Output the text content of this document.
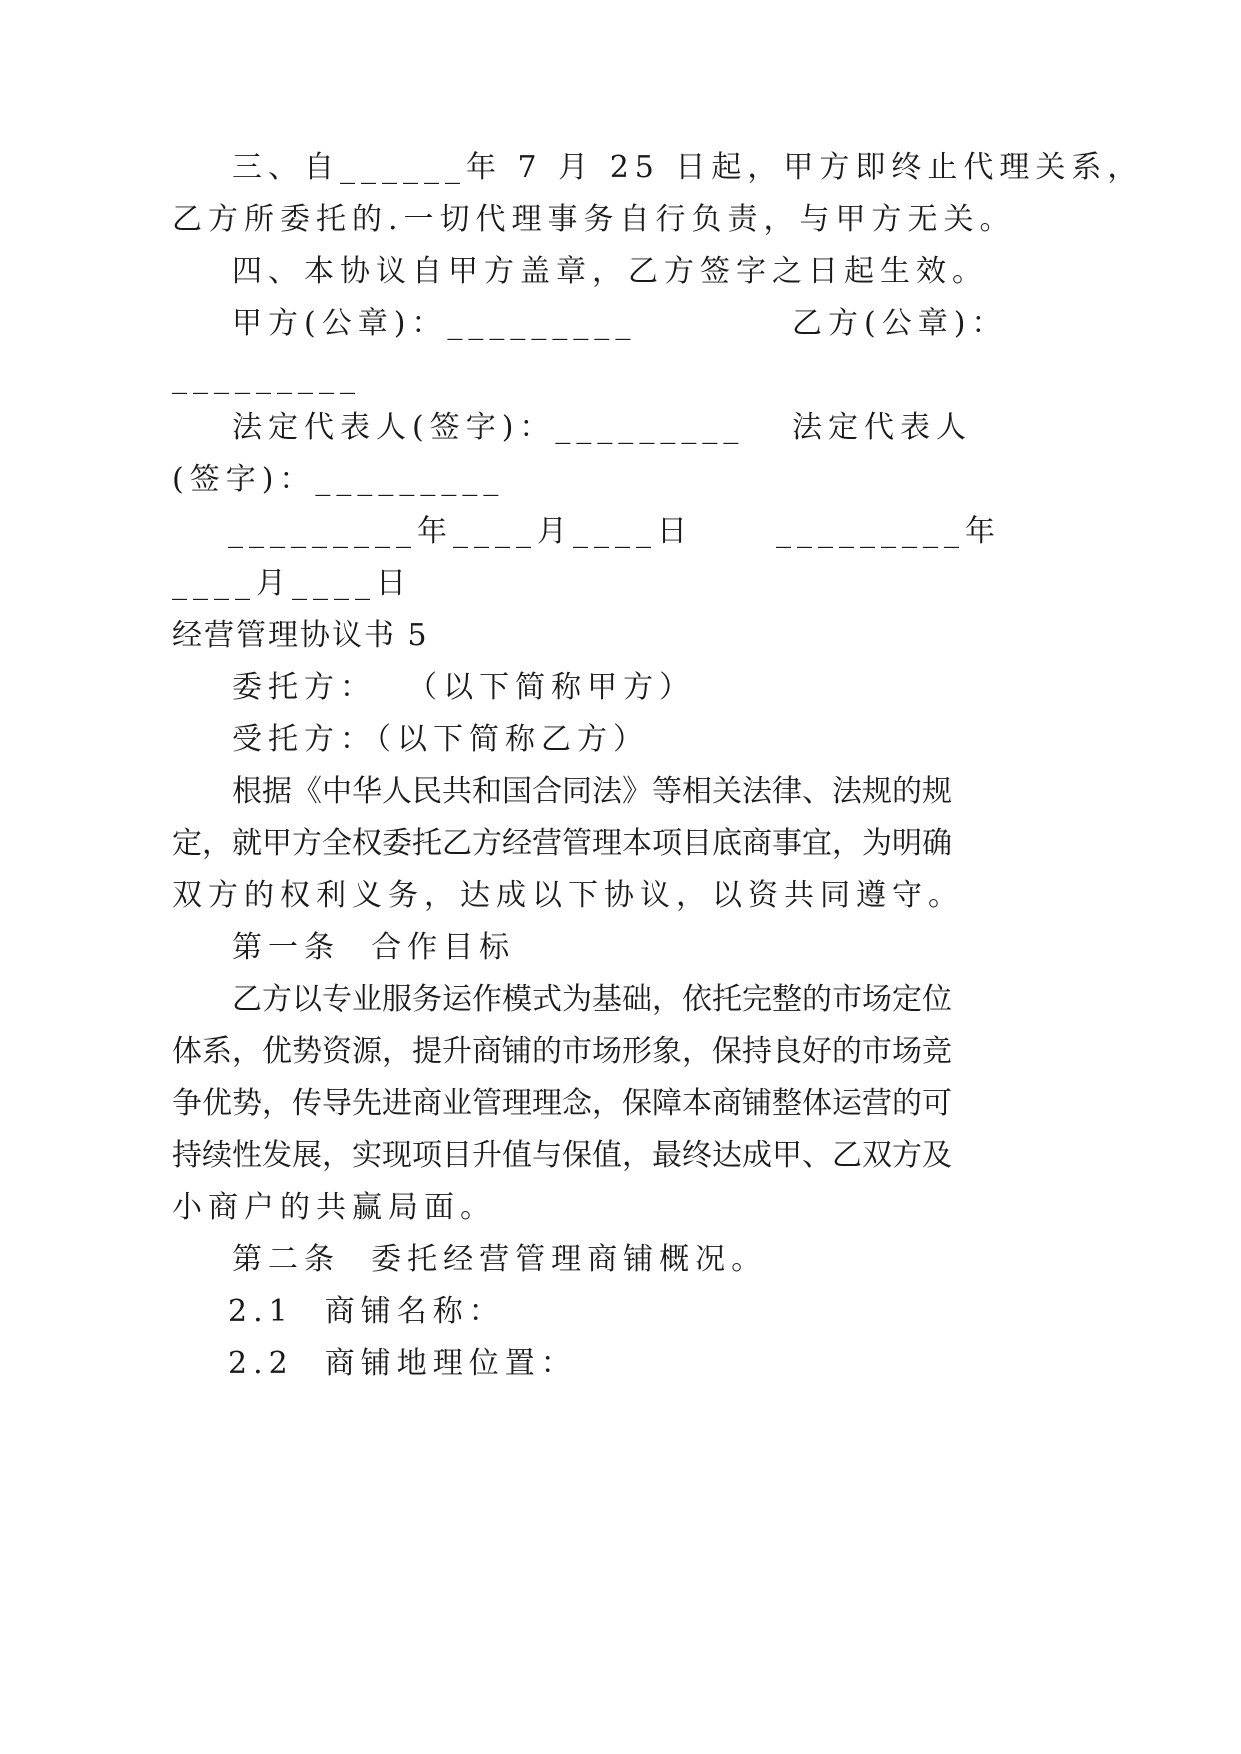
三、自______年 7 月 25 日起，甲方即终止代理关系，
乙方所委托的.一切代理事务自行负责，与甲方无关。
四、本协议自甲方盖章，乙方签字之日起生效。
甲方(公章)：_________	乙方(公章)：
_________
法定代表人(签字)：_________ 法定代表人
(签字)：_________
_________年____月____日	_________年
____月____日
经营管理协议书 5
委托方：  （以下简称甲方）
受托方：（以下简称乙方）
根 据 《 中 华 人 民 共 和 国 合 同 法 》 等 相 关 法 律 、 法 规 的 规
定 ， 就 甲 方 全 权 委 托 乙 方 经 营 管 理 本 项 目 底 商 事 宜 ， 为 明 确
双方的权利义务，达成以下协议，以资共同遵守。
第一条  合作目标
乙 方 以 专 业 服 务 运 作 模 式 为 基 础 ， 依 托 完 整 的 市 场 定 位
体 系 ， 优 势 资 源 ， 提 升 商 铺 的 市 场 形 象 ， 保 持 良 好 的 市 场 竞
争 优 势 ， 传 导 先 进 商 业 管 理 理 念 ， 保 障 本 商 铺 整 体 运 营 的 可
持 续 性 发 展 ， 实 现 项 目 升 值 与 保 值 ， 最 终 达 成 甲 、 乙 双 方 及
小商户的共赢局面。
第二条  委托经营管理商铺概况。
2.1  商铺名称：
2.2  商铺地理位置：
